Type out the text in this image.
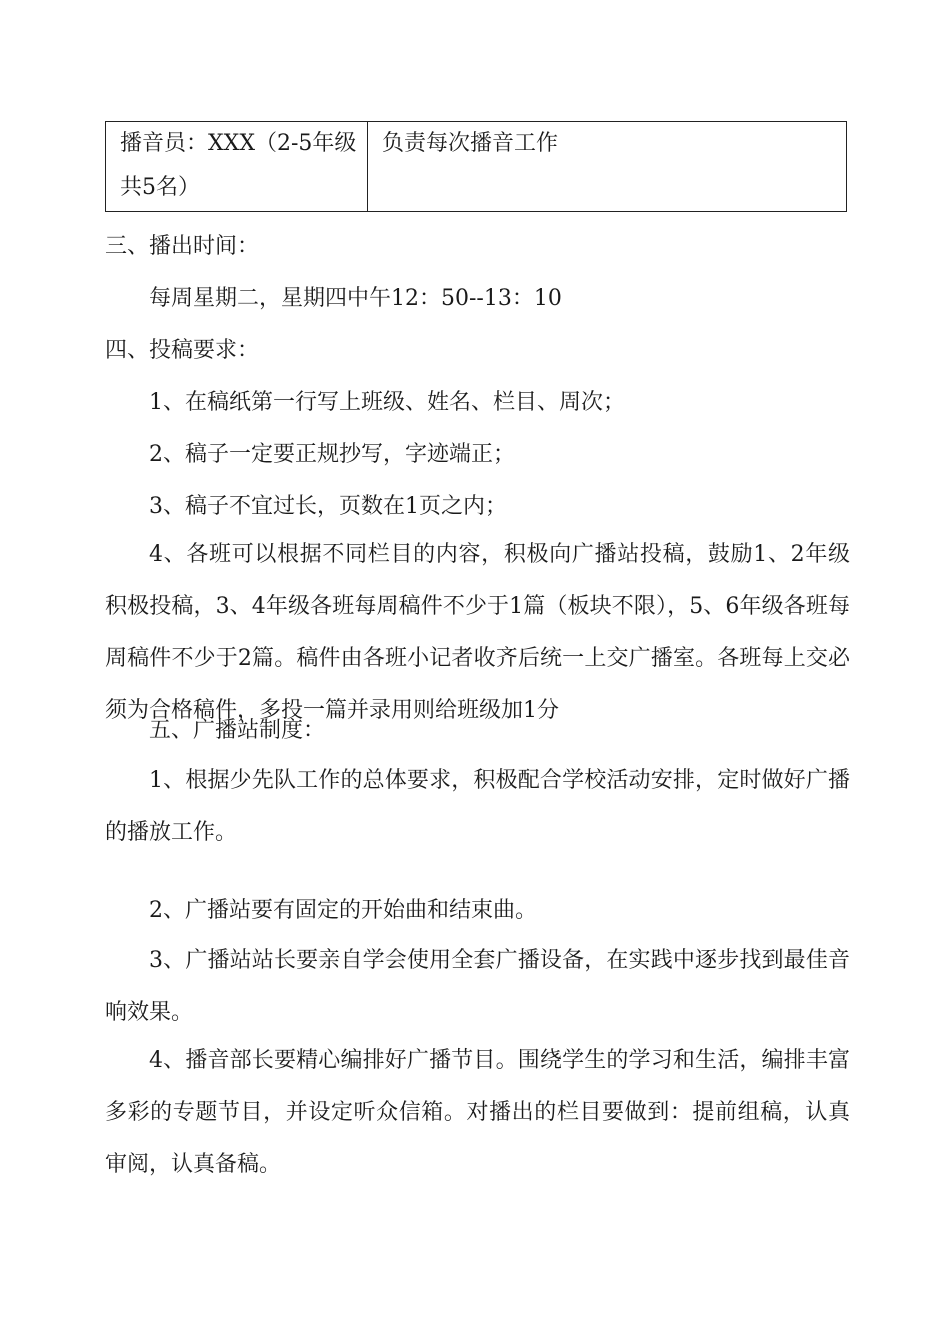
播音员：XXX（2-5年级共5名）	负责每次播音工作
三、播出时间：
每周星期二，星期四中午12：50--13：10
四、投稿要求：
1、在稿纸第一行写上班级、姓名、栏目、周次；
2、稿子一定要正规抄写，字迹端正；
3、稿子不宜过长，页数在1页之内；
4、各班可以根据不同栏目的内容，积极向广播站投稿，鼓励1、2年级积极投稿，3、4年级各班每周稿件不少于1篇（板块不限），5、6年级各班每周稿件不少于2篇。稿件由各班小记者收齐后统一上交广播室。各班每上交必须为合格稿件，多投一篇并录用则给班级加1分
五、广播站制度：
1、根据少先队工作的总体要求，积极配合学校活动安排，定时做好广播的播放工作。
2、广播站要有固定的开始曲和结束曲。
3、广播站站长要亲自学会使用全套广播设备，在实践中逐步找到最佳音响效果。
4、播音部长要精心编排好广播节目。围绕学生的学习和生活，编排丰富多彩的专题节目，并设定听众信箱。对播出的栏目要做到：提前组稿，认真审阅，认真备稿。
